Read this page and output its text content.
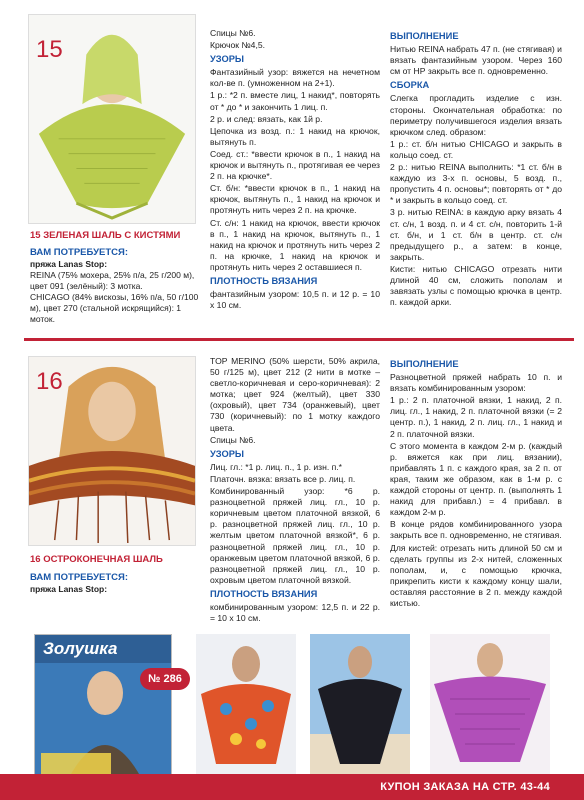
15
15 ЗЕЛЕНАЯ ШАЛЬ С КИСТЯМИ
ВАМ ПОТРЕБУЕТСЯ:
пряжа Lanas Stop:
REINA (75% мохера, 25% п/а, 25 г/200 м), цвет 091 (зелёный): 3 мотка.
CHICAGO (84% вискозы, 16% п/а, 50 г/100 м), цвет 270 (стальной искрящийся): 1 моток.

Спицы №6.

Крючок №4,5.

УЗОРЫ

Фантазийный узор: вяжется на нечетном кол-ве п. (умноженном на 2+1).

1 р.: *2 п. вместе лиц, 1 накид*, повторять от * до * и закончить 1 лиц. п.

2 р. и след: вязать, как 1й р.

Цепочка из возд. п.: 1 накид на крючок, вытянуть п.

Соед. ст.: *ввести крючок в п., 1 накид на крючок и вытянуть п., протягивая ее через 2 п. на крючке*.

Ст. б/н: *ввести крючок в п., 1 накид на крючок, вытянуть п., 1 накид на крючок и протянуть нить через 2 п. на крючке.

Ст. с/н: 1 накид на крючок, ввести крючок в п., 1 накид на крючок, вытянуть п., 1 накид на крючок и протянуть нить через 2 п. на крючке, 1 накид на крючок и протянуть нить через 2 оставшиеся п.

ПЛОТНОСТЬ ВЯЗАНИЯ

фантазийным узором: 10,5 п. и 12 р. = 10 х 10 см.

ВЫПОЛНЕНИЕ

Нитью REINA набрать 47 п. (не стягивая) и вязать фантазийным узором. Через 160 см от НР закрыть все п. одновременно.

СБОРКА

Слегка прогладить изделие с изн. стороны. Окончательная обработка: по периметру получившегося изделия вязать крючком след. образом:

1 р.: ст. б/н нитью CHICAGO и закрыть в кольцо соед. ст.

2 р.: нитью REINA выполнить: *1 ст. б/н в каждую из 3-х п. основы, 5 возд. п., пропустить 4 п. основы*; повторять от * до * и закрыть в кольцо соед. ст.

3 р. нитью REINA: в каждую арку вязать 4 ст. с/н, 1 возд. п. и 4 ст. с/н, повторить 1-й ст. б/н, и 1 ст. б/н в центр. ст. с/н предыдущего р., а затем: в конце, закрыть.

Кисти: нитью CHICAGO отрезать нити длиной 40 см, сложить пополам и завязать узлы с помощью крючка в центр. п. каждой арки.

16
16 ОСТРОКОНЕЧНАЯ ШАЛЬ
ВАМ ПОТРЕБУЕТСЯ:
пряжа Lanas Stop:

TOP MERINO (50% шерсти, 50% акрила, 50 г/125 м), цвет 212 (2 нити в мотке – светло-коричневая и серо-коричневая): 2 мотка; цвет 924 (желтый), цвет 330 (охровый), цвет 734 (оранжевый), цвет 730 (коричневый): по 1 мотку каждого цвета.

Спицы №6.

УЗОРЫ

Лиц. гл.: *1 р. лиц. п., 1 р. изн. п.*

Платочн. вязка: вязать все р. лиц. п.

Комбинированный узор: *6 р. разноцветной пряжей лиц. гл., 10 р. коричневым цветом платочной вязкой, 6 р. разноцветной пряжей лиц. гл., 10 р. желтым цветом платочной вязкой*, 6 р. разноцветной пряжей лиц. гл., 10 р. оранжевым цветом платочной вязкой, 6 р. разноцветной пряжей лиц. гл., 10 р. охровым цветом платочной вязкой.

ПЛОТНОСТЬ ВЯЗАНИЯ

комбинированным узором: 12,5 п. и 22 р. = 10 х 10 см.

ВЫПОЛНЕНИЕ

Разноцветной пряжей набрать 10 п. и вязать комбинированным узором:

1 р.: 2 п. платочной вязки, 1 накид, 2 п. лиц. гл., 1 накид, 2 п. платочной вязки (= 2 центр. п.), 1 накид, 2 п. лиц. гл., 1 накид и 2 п. платочной вязки.

С этого момента в каждом 2-м р. (каждый р. вяжется как при лиц. вязании), прибавлять 1 п. с каждого края, за 2 п. от края, таким же образом, как в 1-м р. с каждой стороны от центр. п. (выполнять 1 накид для прибавл.) = 4 прибавл. в каждом 2-м р.

В конце рядов комбинированного узора закрыть все п. одновременно, не стягивая.

Для кистей: отрезать нить длиной 50 см и сделать группы из 2-х нитей, сложенных пополам, и, с помощью крючка, прикрепить кисти к каждому концу шали, оставляя расстояние в 2 п. между каждой кистью.

Золушка
№ 286
КУПОН ЗАКАЗА НА СТР. 43-44
